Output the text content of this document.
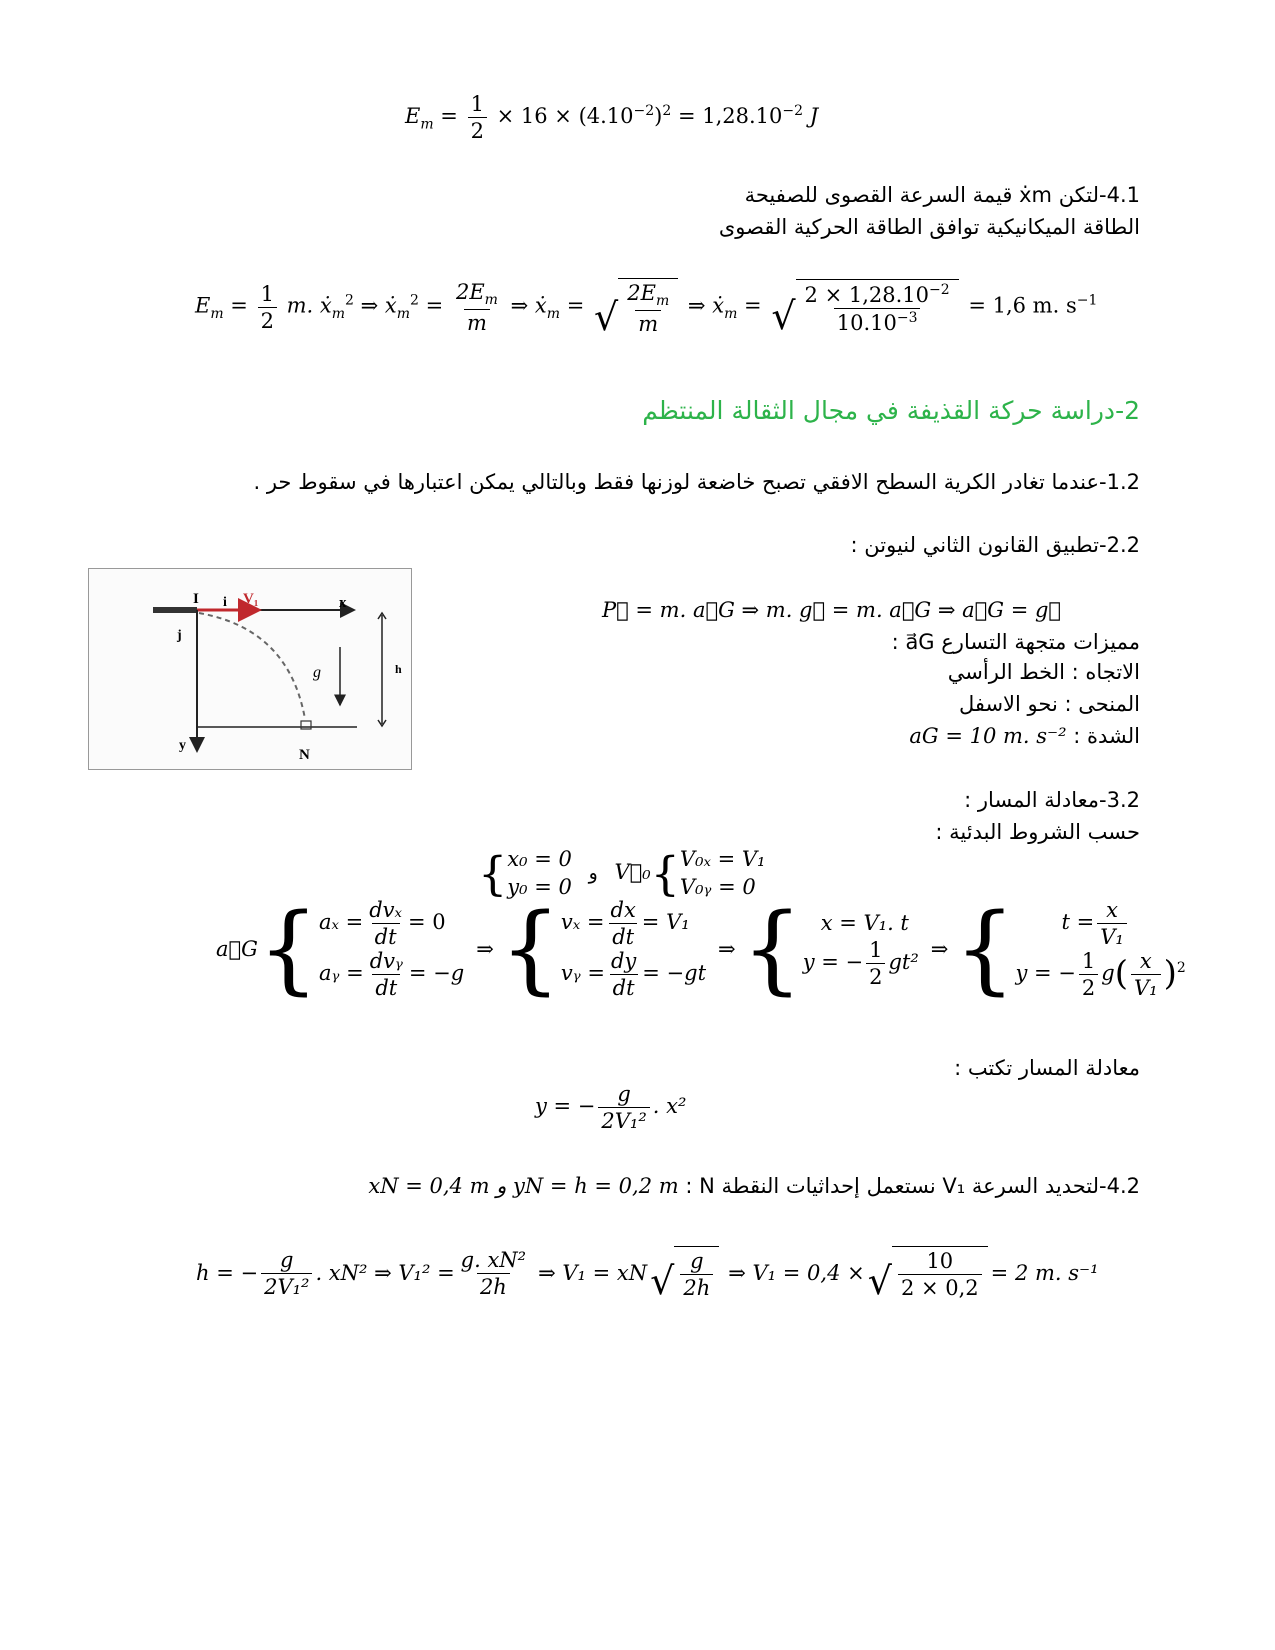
$E_m = \frac{1}{2} \times 16 \times (4.10^{-2})^2 = 1,28.10^{-2}$ J
4.1-لتكن ẋm قيمة السرعة القصوى للصفيحة
الطاقة الميكانيكية توافق الطاقة الحركية القصوى
$E_m = \frac{1}{2} m$. ẋ$_m^2$ ⇒ ẋ$_m^2$ = $\frac{2E_m}{m}$ ⇒ ẋ$_m$ = √ $\frac{2E_m}{m}$ ⇒ ẋ$_m$ = √ $\frac{2 \times 1,28.10^{-2}}{10.10^{-3}} = 1,6$ m. $s^{-1}$
2-دراسة حركة القذيفة في مجال الثقالة المنتظم
1.2-عندما تغادر الكرية السطح الافقي تصبح خاضعة لوزنها فقط وبالتالي يمكن اعتبارها في سقوط حر .
2.2-تطبيق القانون الثاني لنيوتن :
I i⃗ V₁	x
j⃗
g⃗	h
y
N
P⃗ = m. a⃗G ⇒ m. g⃗ = m. a⃗G ⇒ a⃗G = g⃗
مميزات متجهة التسارع a⃗G :
الاتجاه : الخط الرأسي
المنحى : نحو الاسفل
الشدة : aG = 10 m. s⁻²
3.2-معادلة المسار :
حسب الشروط البدئية :
{ x₀ = 0
y₀ = 0
و V⃗₀{ V₀ₓ = V₁
V₀ᵧ = 0
a⃗G { $a_x = \frac{\text{dvₓ}}{dt} = 0$
aᵧ = $\frac{\text{dvᵧ}}{dt} = -g$
⇒ { $v_x = \frac{dx}{dt} = V_1$
vᵧ = $\frac{dy}{dt} = -gt$
⇒ { x = V₁. t
y = − $\frac{1}{2} gt^2$
⇒ {	$t = \frac{x}{\text{V₁}}$
y = − $\frac{1}{2} g( \frac{x}{\text{V₁}} )^2$
معادلة المسار تكتب :
y = − $\frac{g}{\text{2V₁²}}$ . x²
4.2-لتحديد السرعة V₁ نستعمل إحداثيات النقطة N : xN = 0,4 m و yN = h = 0,2 m
h = − $\frac{g}{\text{2V₁²}}$ . xN² ⇒ $V_1^2 = \frac{\text{g. xN²}}{2h}$ ⇒ V₁ = xN √ $\frac{g}{2h}$ ⇒ V₁ = 0,4 × √ $\frac{10}{2 \times 0,2} = 2$ m. s⁻¹
